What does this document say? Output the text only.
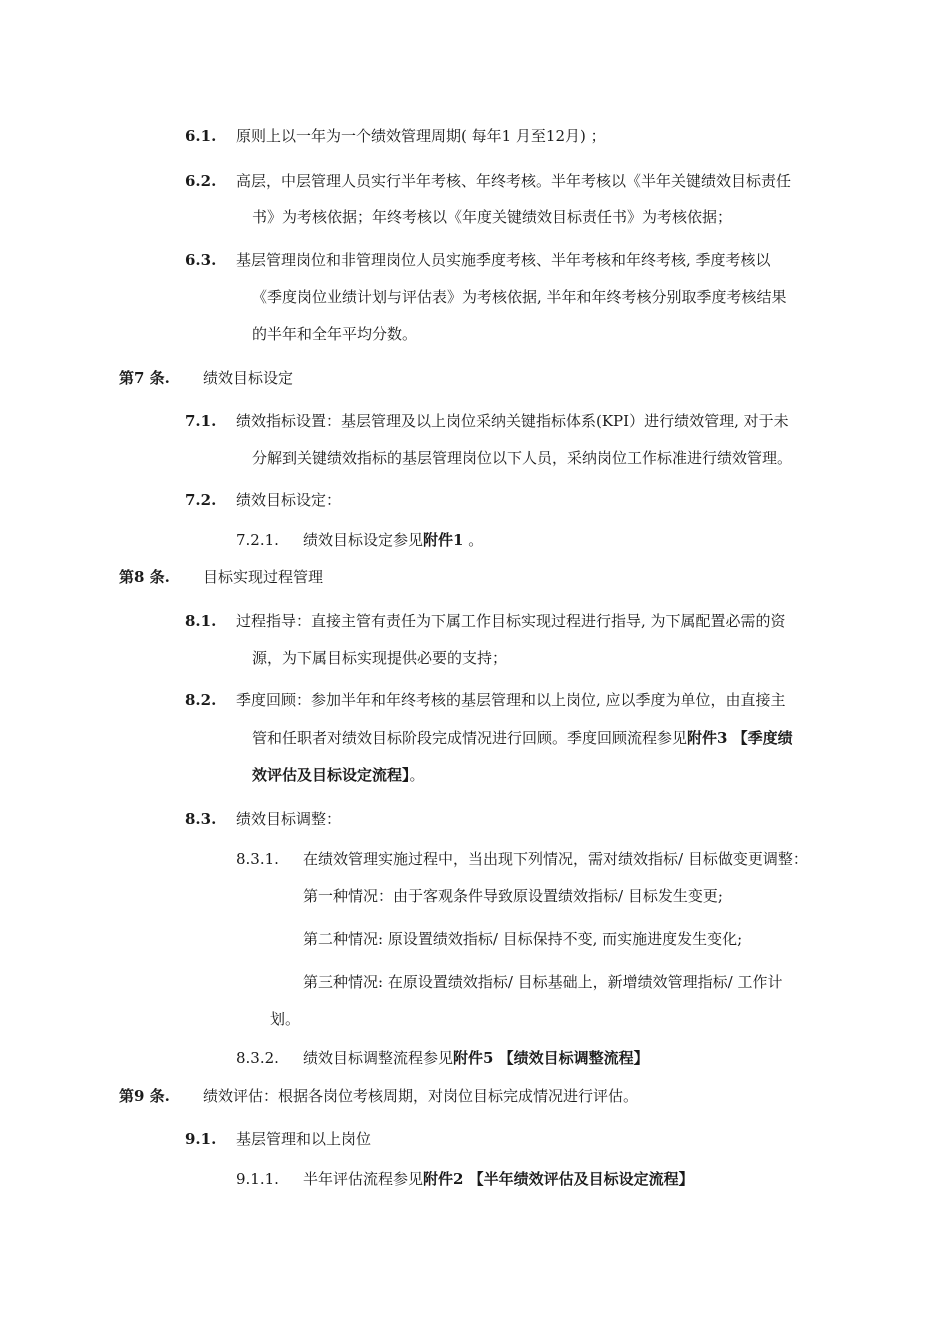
6.1. 原则上以一年为一个绩效管理周期( 每年1 月至12月) ；
6.2. 高层，中层管理人员实行半年考核、年终考核。半年考核以《半年关键绩效目标责任
书》为考核依据；年终考核以《年度关键绩效目标责任书》为考核依据；
6.3. 基层管理岗位和非管理岗位人员实施季度考核、半年考核和年终考核, 季度考核以
《季度岗位业绩计划与评估表》为考核依据, 半年和年终考核分别取季度考核结果
的半年和全年平均分数。
第7 条. 绩效目标设定
7.1. 绩效指标设置：基层管理及以上岗位采纳关键指标体系(KPI）进行绩效管理, 对于未
分解到关键绩效指标的基层管理岗位以下人员，采纳岗位工作标准进行绩效管理。
7.2. 绩效目标设定：
7.2.1. 绩效目标设定参见附件1 。
第8 条. 目标实现过程管理
8.1. 过程指导：直接主管有责任为下属工作目标实现过程进行指导, 为下属配置必需的资
源，为下属目标实现提供必要的支持；
8.2. 季度回顾：参加半年和年终考核的基层管理和以上岗位, 应以季度为单位，由直接主
管和任职者对绩效目标阶段完成情况进行回顾。季度回顾流程参见附件3 【季度绩
效评估及目标设定流程】。
8.3. 绩效目标调整：
8.3.1. 在绩效管理实施过程中，当出现下列情况，需对绩效指标/ 目标做变更调整：
第一种情况：由于客观条件导致原设置绩效指标/ 目标发生变更;
第二种情况: 原设置绩效指标/ 目标保持不变, 而实施进度发生变化;
第三种情况: 在原设置绩效指标/ 目标基础上，新增绩效管理指标/ 工作计
划。
8.3.2. 绩效目标调整流程参见附件5 【绩效目标调整流程】
第9 条. 绩效评估：根据各岗位考核周期，对岗位目标完成情况进行评估。
9.1. 基层管理和以上岗位
9.1.1. 半年评估流程参见附件2 【半年绩效评估及目标设定流程】
